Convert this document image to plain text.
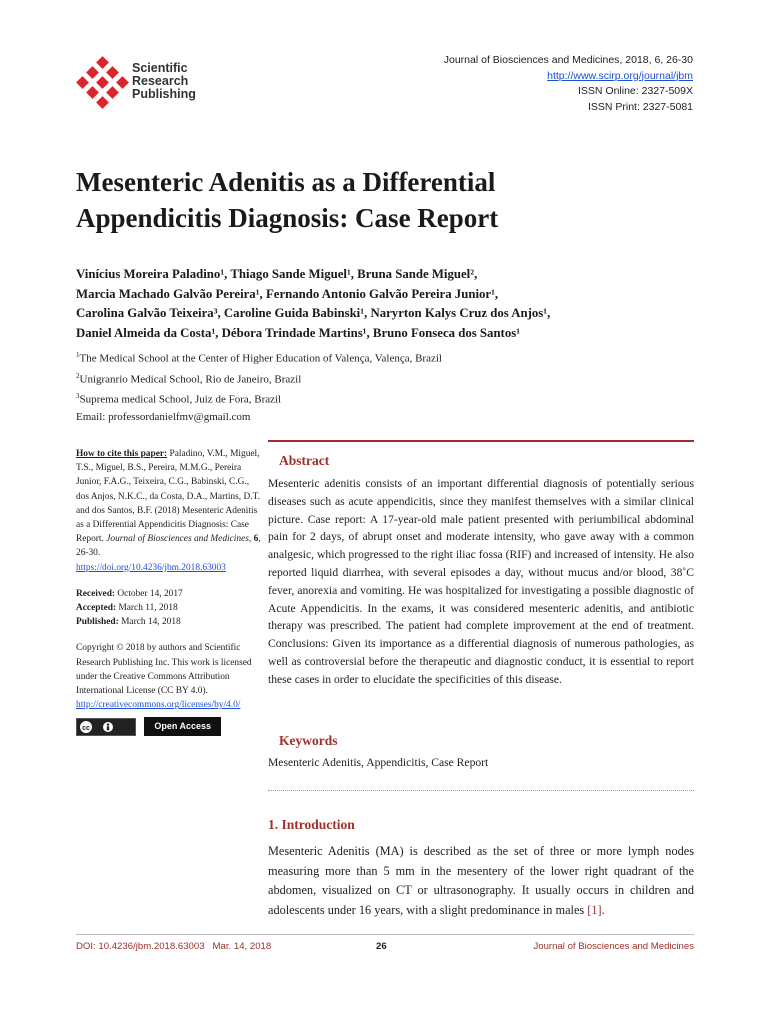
Scientific
Research
Publishing
Journal of Biosciences and Medicines, 2018, 6, 26-30
http://www.scirp.org/journal/jbm
ISSN Online: 2327-509X
ISSN Print: 2327-5081
Mesenteric Adenitis as a Differential
Appendicitis Diagnosis: Case Report
Vinícius Moreira Paladino¹, Thiago Sande Miguel¹, Bruna Sande Miguel²,
Marcia Machado Galvão Pereira¹, Fernando Antonio Galvão Pereira Junior¹,
Carolina Galvão Teixeira³, Caroline Guida Babinski¹, Naryrton Kalys Cruz dos Anjos¹,
Daniel Almeida da Costa¹, Débora Trindade Martins¹, Bruno Fonseca dos Santos¹
$^1$The Medical School at the Center of Higher Education of Valença, Valença, Brazil
$^2$Unigranrio Medical School, Rio de Janeiro, Brazil
$^3$Suprema medical School, Juiz de Fora, Brazil
Email: professordanielfmv@gmail.com
How to cite this paper: Paladino, V.M., Miguel, T.S., Miguel, B.S., Pereira, M.M.G., Pereira Junior, F.A.G., Teixeira, C.G., Babinski, C.G., dos Anjos, N.K.C., da Costa, D.A., Martins, D.T. and dos Santos, B.F. (2018) Mesenteric Adenitis as a Differential Appendicitis Diagnosis: Case Report. Journal of Biosciences and Medicines, 6, 26-30.
https://doi.org/10.4236/jbm.2018.63003
Received: October 14, 2017
Accepted: March 11, 2018
Published: March 14, 2018
Copyright © 2018 by authors and Scientific Research Publishing Inc. This work is licensed under the Creative Commons Attribution International License (CC BY 4.0).
http://creativecommons.org/licenses/by/4.0/
cc	Open Access
Abstract
Mesenteric adenitis consists of an important differential diagnosis of potentially serious diseases such as acute appendicitis, since they manifest themselves with a similar clinical picture. Case report: A 17-year-old male patient presented with periumbilical abdominal pain for 2 days, of abrupt onset and moderate intensity, who gave away with a common analgesic, which progressed to the right iliac fossa (RIF) and increased of intensity. He also reported liquid diarrhea, with several episodes a day, without mucus and/or blood, 38˚C fever, anorexia and vomiting. He was hospitalized for investigating a possible diagnostic of Acute Appendicitis. In the exams, it was considered mesenteric adenitis, and antibiotic therapy was prescribed. The patient had complete improvement at the end of treatment. Conclusions: Given its importance as a differential diagnosis of numerous pathologies, as well as controversial before the therapeutic and diagnostic conduct, it is essential to report these cases in order to elucidate the specificities of this disease.
Keywords
Mesenteric Adenitis, Appendicitis, Case Report
1. Introduction
Mesenteric Adenitis (MA) is described as the set of three or more lymph nodes measuring more than 5 mm in the mesentery of the lower right quadrant of the abdomen, visualized on CT or ultrasonography. It usually occurs in children and adolescents under 16 years, with a slight predominance in males [1].
DOI: 10.4236/jbm.2018.63003 Mar. 14, 2018	26	Journal of Biosciences and Medicines
